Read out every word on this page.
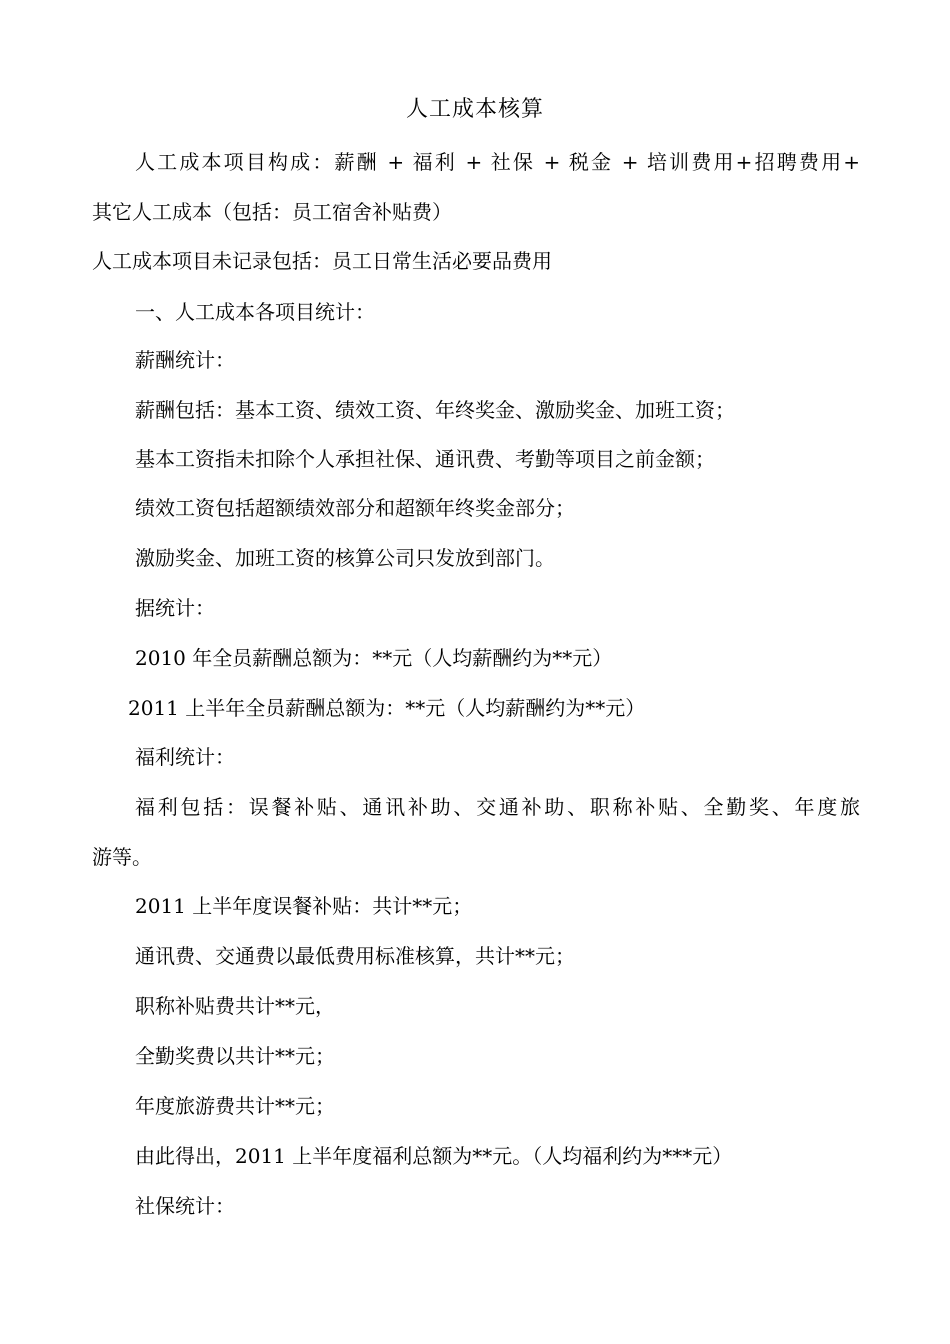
人工成本核算
人工成本项目构成：薪酬 + 福利 + 社保 + 税金 + 培训费用+招聘费用+
其它人工成本（包括：员工宿舍补贴费）
人工成本项目未记录包括：员工日常生活必要品费用
一、人工成本各项目统计：
薪酬统计：
薪酬包括：基本工资、绩效工资、年终奖金、激励奖金、加班工资；
基本工资指未扣除个人承担社保、通讯费、考勤等项目之前金额；
绩效工资包括超额绩效部分和超额年终奖金部分；
激励奖金、加班工资的核算公司只发放到部门。
据统计：
2010 年全员薪酬总额为：**元（人均薪酬约为**元）
2011 上半年全员薪酬总额为：**元（人均薪酬约为**元）
福利统计：
福利包括：误餐补贴、通讯补助、交通补助、职称补贴、全勤奖、年度旅
游等。
2011 上半年度误餐补贴：共计**元；
通讯费、交通费以最低费用标准核算，共计**元；
职称补贴费共计**元，
全勤奖费以共计**元；
年度旅游费共计**元；
由此得出，2011 上半年度福利总额为**元。（人均福利约为***元）
社保统计：
